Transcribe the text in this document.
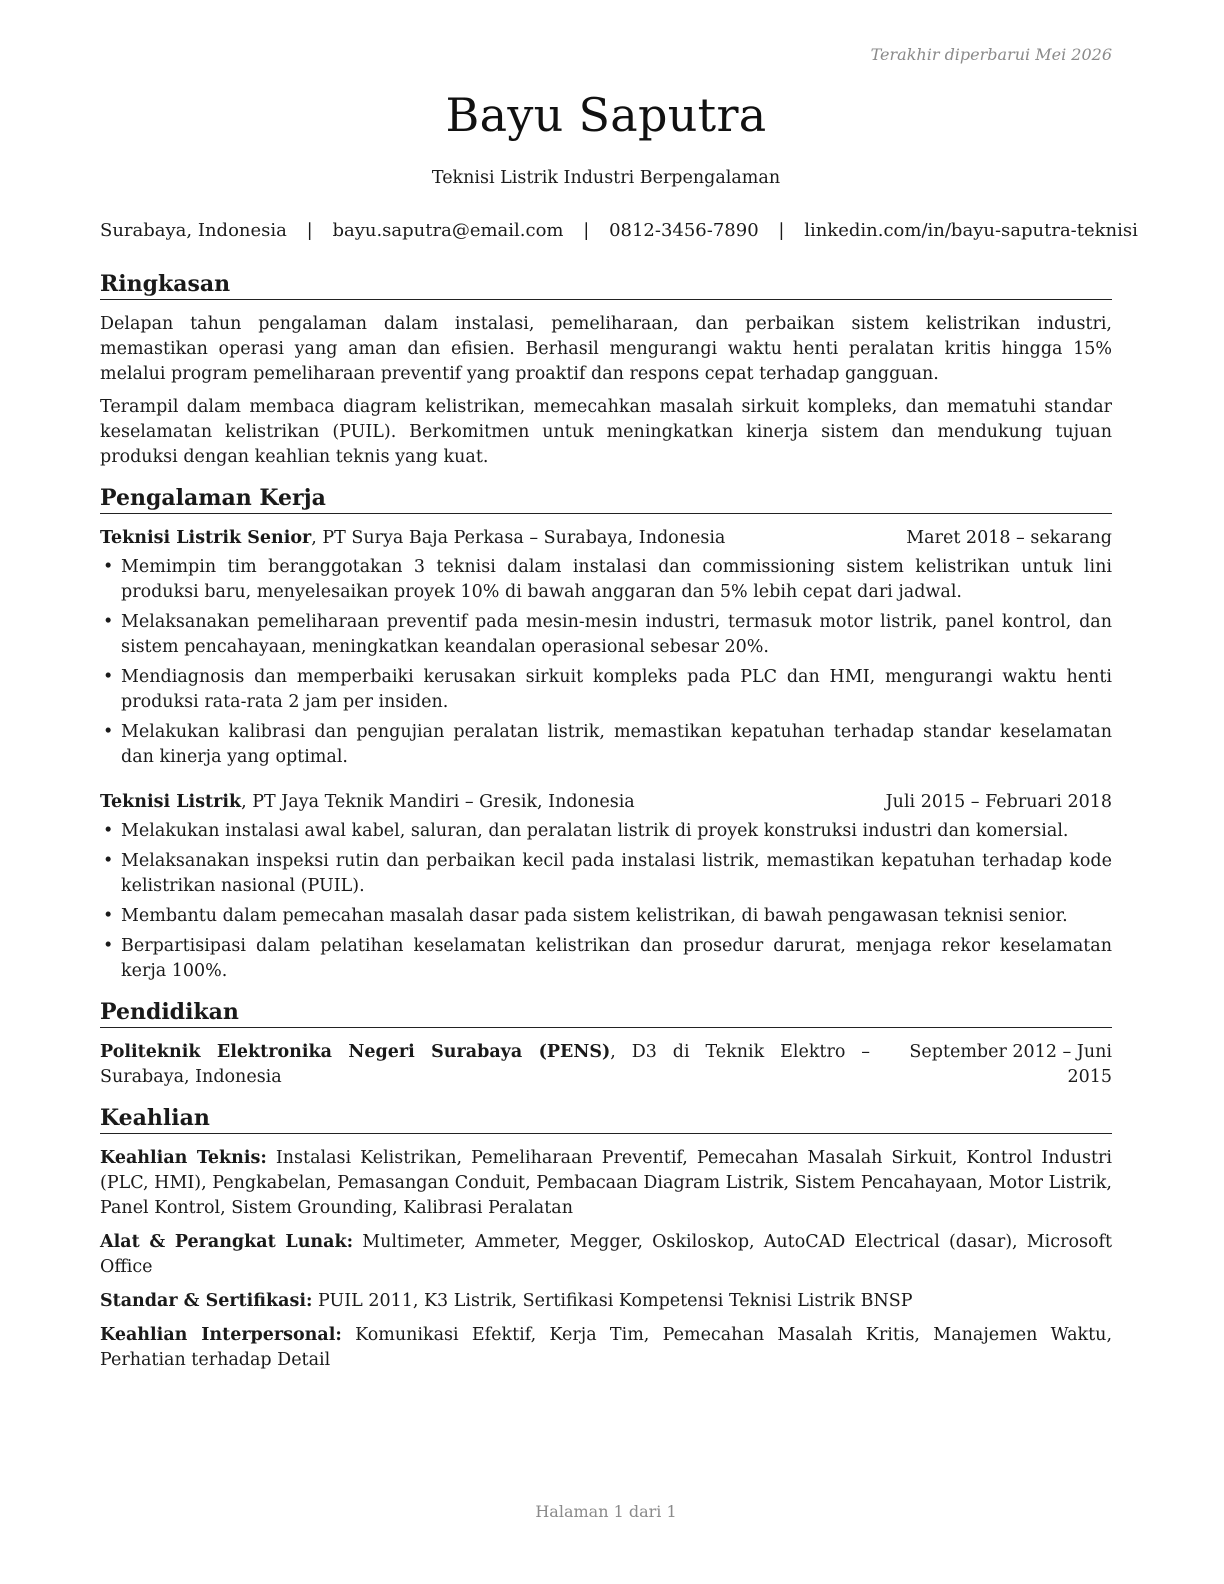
Terakhir diperbarui Mei 2026
Bayu Saputra
Teknisi Listrik Industri Berpengalaman
Surabaya, Indonesia | bayu.saputra@email.com | 0812-3456-7890 | linkedin.com/in/bayu-saputra-teknisi
Ringkasan

Delapan tahun pengalaman dalam instalasi, pemeliharaan, dan perbaikan sistem kelistrikan industri, memastikan operasi yang aman dan efisien. Berhasil mengurangi waktu henti peralatan kritis hingga 15% melalui program pemeliharaan preventif yang proaktif dan respons cepat terhadap gangguan.

Terampil dalam membaca diagram kelistrikan, memecahkan masalah sirkuit kompleks, dan mematuhi standar keselamatan kelistrikan (PUIL). Berkomitmen untuk meningkatkan kinerja sistem dan mendukung tujuan produksi dengan keahlian teknis yang kuat.

Pengalaman Kerja
Teknisi Listrik Senior, PT Surya Baja Perkasa – Surabaya, Indonesia	Maret 2018 – sekarang
• Memimpin tim beranggotakan 3 teknisi dalam instalasi dan commissioning sistem kelistrikan untuk lini produksi baru, menyelesaikan proyek 10% di bawah anggaran dan 5% lebih cepat dari jadwal.
• Melaksanakan pemeliharaan preventif pada mesin-mesin industri, termasuk motor listrik, panel kontrol, dan sistem pencahayaan, meningkatkan keandalan operasional sebesar 20%.
• Mendiagnosis dan memperbaiki kerusakan sirkuit kompleks pada PLC dan HMI, mengurangi waktu henti produksi rata-rata 2 jam per insiden.
• Melakukan kalibrasi dan pengujian peralatan listrik, memastikan kepatuhan terhadap standar keselamatan dan kinerja yang optimal.
Teknisi Listrik, PT Jaya Teknik Mandiri – Gresik, Indonesia	Juli 2015 – Februari 2018
• Melakukan instalasi awal kabel, saluran, dan peralatan listrik di proyek konstruksi industri dan komersial.
• Melaksanakan inspeksi rutin dan perbaikan kecil pada instalasi listrik, memastikan kepatuhan terhadap kode kelistrikan nasional (PUIL).
• Membantu dalam pemecahan masalah dasar pada sistem kelistrikan, di bawah pengawasan teknisi senior.
• Berpartisipasi dalam pelatihan keselamatan kelistrikan dan prosedur darurat, menjaga rekor keselamatan kerja 100%.
Pendidikan
Politeknik Elektronika Negeri Surabaya (PENS), D3 di Teknik Elektro – Surabaya, Indonesia
September 2012 – Juni 2015
Keahlian

Keahlian Teknis: Instalasi Kelistrikan, Pemeliharaan Preventif, Pemecahan Masalah Sirkuit, Kontrol Industri (PLC, HMI), Pengkabelan, Pemasangan Conduit, Pembacaan Diagram Listrik, Sistem Pencahayaan, Motor Listrik, Panel Kontrol, Sistem Grounding, Kalibrasi Peralatan

Alat & Perangkat Lunak: Multimeter, Ammeter, Megger, Oskiloskop, AutoCAD Electrical (dasar), Microsoft Office

Standar & Sertifikasi: PUIL 2011, K3 Listrik, Sertifikasi Kompetensi Teknisi Listrik BNSP

Keahlian Interpersonal: Komunikasi Efektif, Kerja Tim, Pemecahan Masalah Kritis, Manajemen Waktu, Perhatian terhadap Detail

Halaman 1 dari 1
